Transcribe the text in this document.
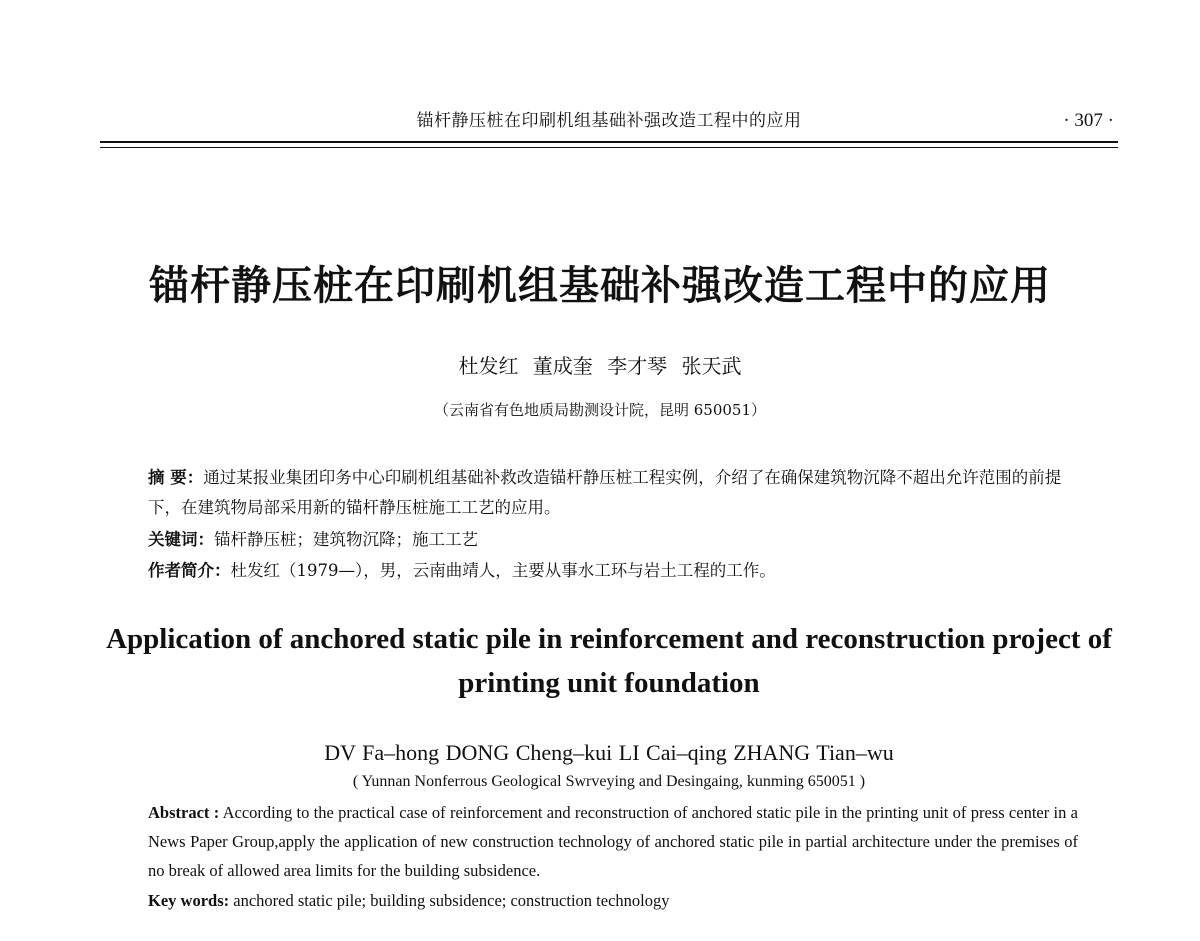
锚杆静压桩在印刷机组基础补强改造工程中的应用	· 307 ·
锚杆静压桩在印刷机组基础补强改造工程中的应用
杜发红 董成奎 李才琴 张天武
（云南省有色地质局勘测设计院，昆明 650051）
摘 要：通过某报业集团印务中心印刷机组基础补救改造锚杆静压桩工程实例，介绍了在确保建筑物沉降不超出允许范围的前提下，在建筑物局部采用新的锚杆静压桩施工工艺的应用。
关键词：锚杆静压桩；建筑物沉降；施工工艺
作者简介：杜发红（1979—），男，云南曲靖人，主要从事水工环与岩土工程的工作。
Application of anchored static pile in reinforcement and reconstruction project of printing unit foundation
DV Fa–hong DONG Cheng–kui LI Cai–qing ZHANG Tian–wu
( Yunnan Nonferrous Geological Swrveying and Desingaing, kunming 650051 )
Abstract : According to the practical case of reinforcement and reconstruction of anchored static pile in the printing unit of press center in a News Paper Group,apply the application of new construction technology of anchored static pile in partial architecture under the premises of no break of allowed area limits for the building subsidence.
Key words: anchored static pile; building subsidence; construction technology
